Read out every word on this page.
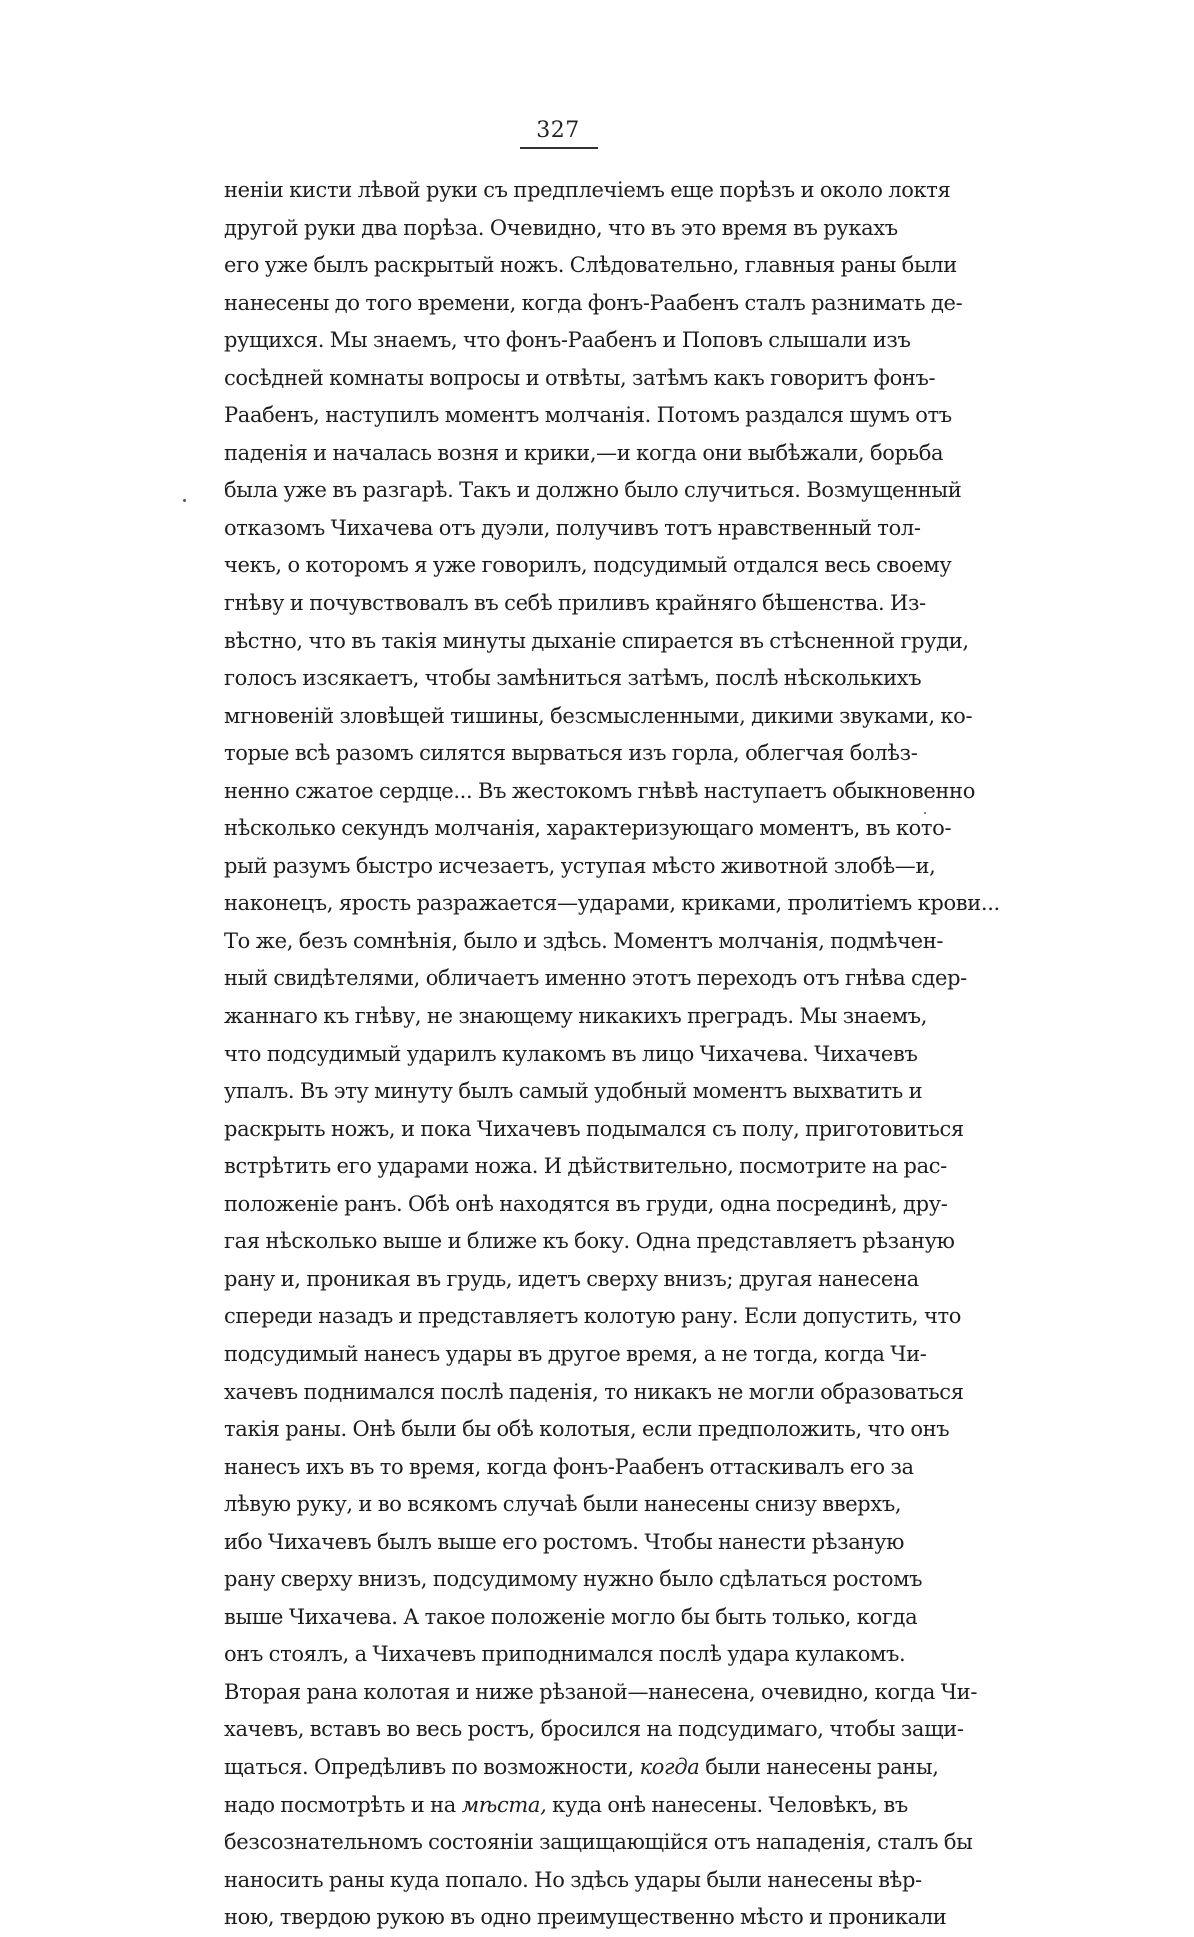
327
неніи кисти лѣвой руки съ предплечіемъ еще порѣзъ и около локтя
другой руки два порѣза. Очевидно, что въ это время въ рукахъ
его уже былъ раскрытый ножъ. Слѣдовательно, главныя раны были
нанесены до того времени, когда фонъ-Раабенъ сталъ разнимать де-
рущихся. Мы знаемъ, что фонъ-Раабенъ и Поповъ слышали изъ
сосѣдней комнаты вопросы и отвѣты, затѣмъ какъ говоритъ фонъ-
Раабенъ, наступилъ моментъ молчанія. Потомъ раздался шумъ отъ
паденія и началась возня и крики,—и когда они выбѣжали, борьба
была уже въ разгарѣ. Такъ и должно было случиться. Возмущенный
отказомъ Чихачева отъ дуэли, получивъ тотъ нравственный тол-
чекъ, о которомъ я уже говорилъ, подсудимый отдался весь своему
гнѣву и почувствовалъ въ себѣ приливъ крайняго бѣшенства. Из-
вѣстно, что въ такія минуты дыханіе спирается въ стѣсненной груди,
голосъ изсякаетъ, чтобы замѣниться затѣмъ, послѣ нѣсколькихъ
мгновеній зловѣщей тишины, безсмысленными, дикими звуками, ко-
торые всѣ разомъ силятся вырваться изъ горла, облегчая болѣз-
ненно сжатое сердце... Въ жестокомъ гнѣвѣ наступаетъ обыкновенно
нѣсколько секундъ молчанія, характеризующаго моментъ, въ кото-
рый разумъ быстро исчезаетъ, уступая мѣсто животной злобѣ—и,
наконецъ, ярость разражается—ударами, криками, пролитіемъ крови...
То же, безъ сомнѣнія, было и здѣсь. Моментъ молчанія, подмѣчен-
ный свидѣтелями, обличаетъ именно этотъ переходъ отъ гнѣва сдер-
жаннаго къ гнѣву, не знающему никакихъ преградъ. Мы знаемъ,
что подсудимый ударилъ кулакомъ въ лицо Чихачева. Чихачевъ
упалъ. Въ эту минуту былъ самый удобный моментъ выхватить и
раскрыть ножъ, и пока Чихачевъ подымался съ полу, приготовиться
встрѣтить его ударами ножа. И дѣйствительно, посмотрите на рас-
положеніе ранъ. Обѣ онѣ находятся въ груди, одна посрединѣ, дру-
гая нѣсколько выше и ближе къ боку. Одна представляетъ рѣзаную
рану и, проникая въ грудь, идетъ сверху внизъ; другая нанесена
спереди назадъ и представляетъ колотую рану. Если допустить, что
подсудимый нанесъ удары въ другое время, а не тогда, когда Чи-
хачевъ поднимался послѣ паденія, то никакъ не могли образоваться
такія раны. Онѣ были бы обѣ колотыя, если предположить, что онъ
нанесъ ихъ въ то время, когда фонъ-Раабенъ оттаскивалъ его за
лѣвую руку, и во всякомъ случаѣ были нанесены снизу вверхъ,
ибо Чихачевъ былъ выше его ростомъ. Чтобы нанести рѣзаную
рану сверху внизъ, подсудимому нужно было сдѣлаться ростомъ
выше Чихачева. А такое положеніе могло бы быть только, когда
онъ стоялъ, а Чихачевъ приподнимался послѣ удара кулакомъ.
Вторая рана колотая и ниже рѣзаной—нанесена, очевидно, когда Чи-
хачевъ, вставъ во весь ростъ, бросился на подсудимаго, чтобы защи-
щаться. Опредѣливъ по возможности, когда были нанесены раны,
надо посмотрѣть и на мѣста, куда онѣ нанесены. Человѣкъ, въ
безсознательномъ состояніи защищающійся отъ нападенія, сталъ бы
наносить раны куда попало. Но здѣсь удары были нанесены вѣр-
ною, твердою рукою въ одно преимущественно мѣсто и проникали
